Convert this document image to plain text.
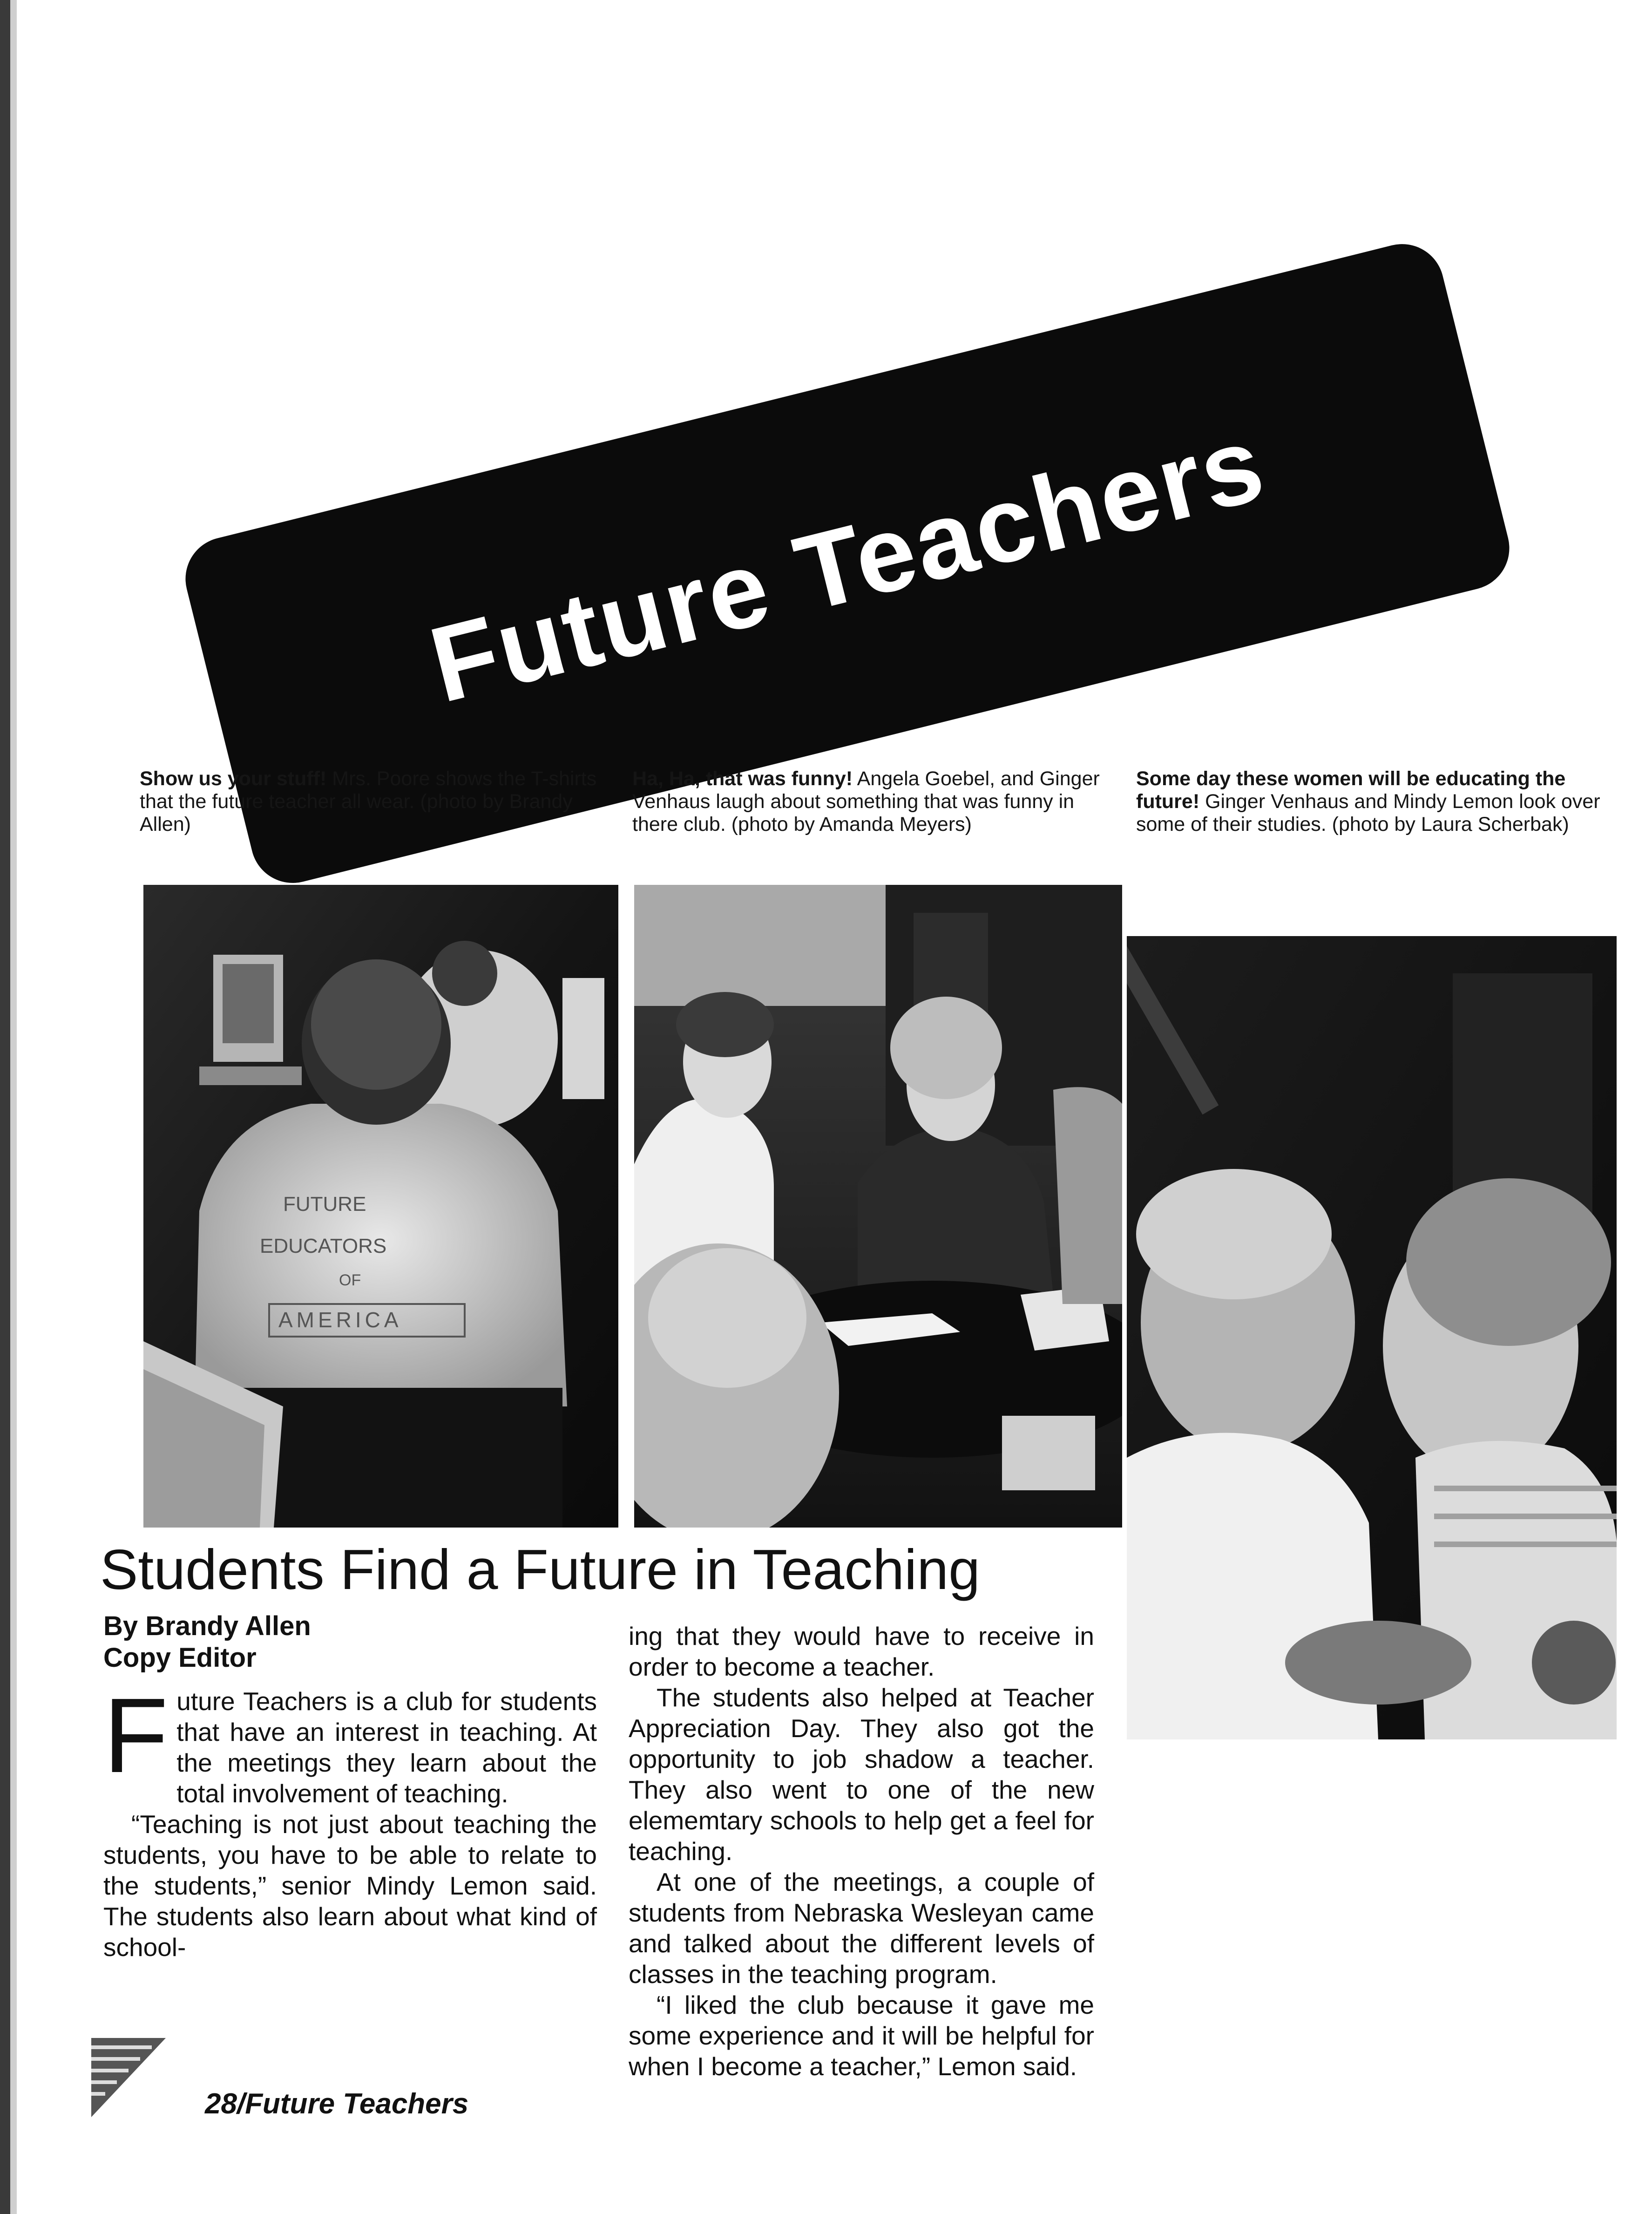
Future Teachers
Show us your stuff! Mrs. Poore shows the T-shirts that the future teacher all wear. (photo by Brandy Allen)
Ha, Ha, that was funny! Angela Goebel, and Ginger Venhaus laugh about something that was funny in there club. (photo by Amanda Meyers)
Some day these women will be educating the future! Ginger Venhaus and Mindy Lemon look over some of their studies. (photo by Laura Scherbak)
FUTURE
EDUCATORS
OF
AMERICA
Students Find a Future in Teaching
By Brandy Allen
Copy Editor
F uture Teachers is a club for students that have an interest in teaching. At the meetings they learn about the total involvement of teaching.

“Teaching is not just about teaching the students, you have to be able to relate to the students,” senior Mindy Lemon said. The students also learn about what kind of school-

ing that they would have to receive in order to become a teacher.

The students also helped at Teacher Appreciation Day. They also got the opportunity to job shadow a teacher. They also went to one of the new elememtary schools to help get a feel for teaching.

At one of the meetings, a couple of students from Nebraska Wesleyan came and talked about the different levels of classes in the teaching program.

“I liked the club because it gave me some experience and it will be helpful for when I become a teacher,” Lemon said.

28/Future Teachers
